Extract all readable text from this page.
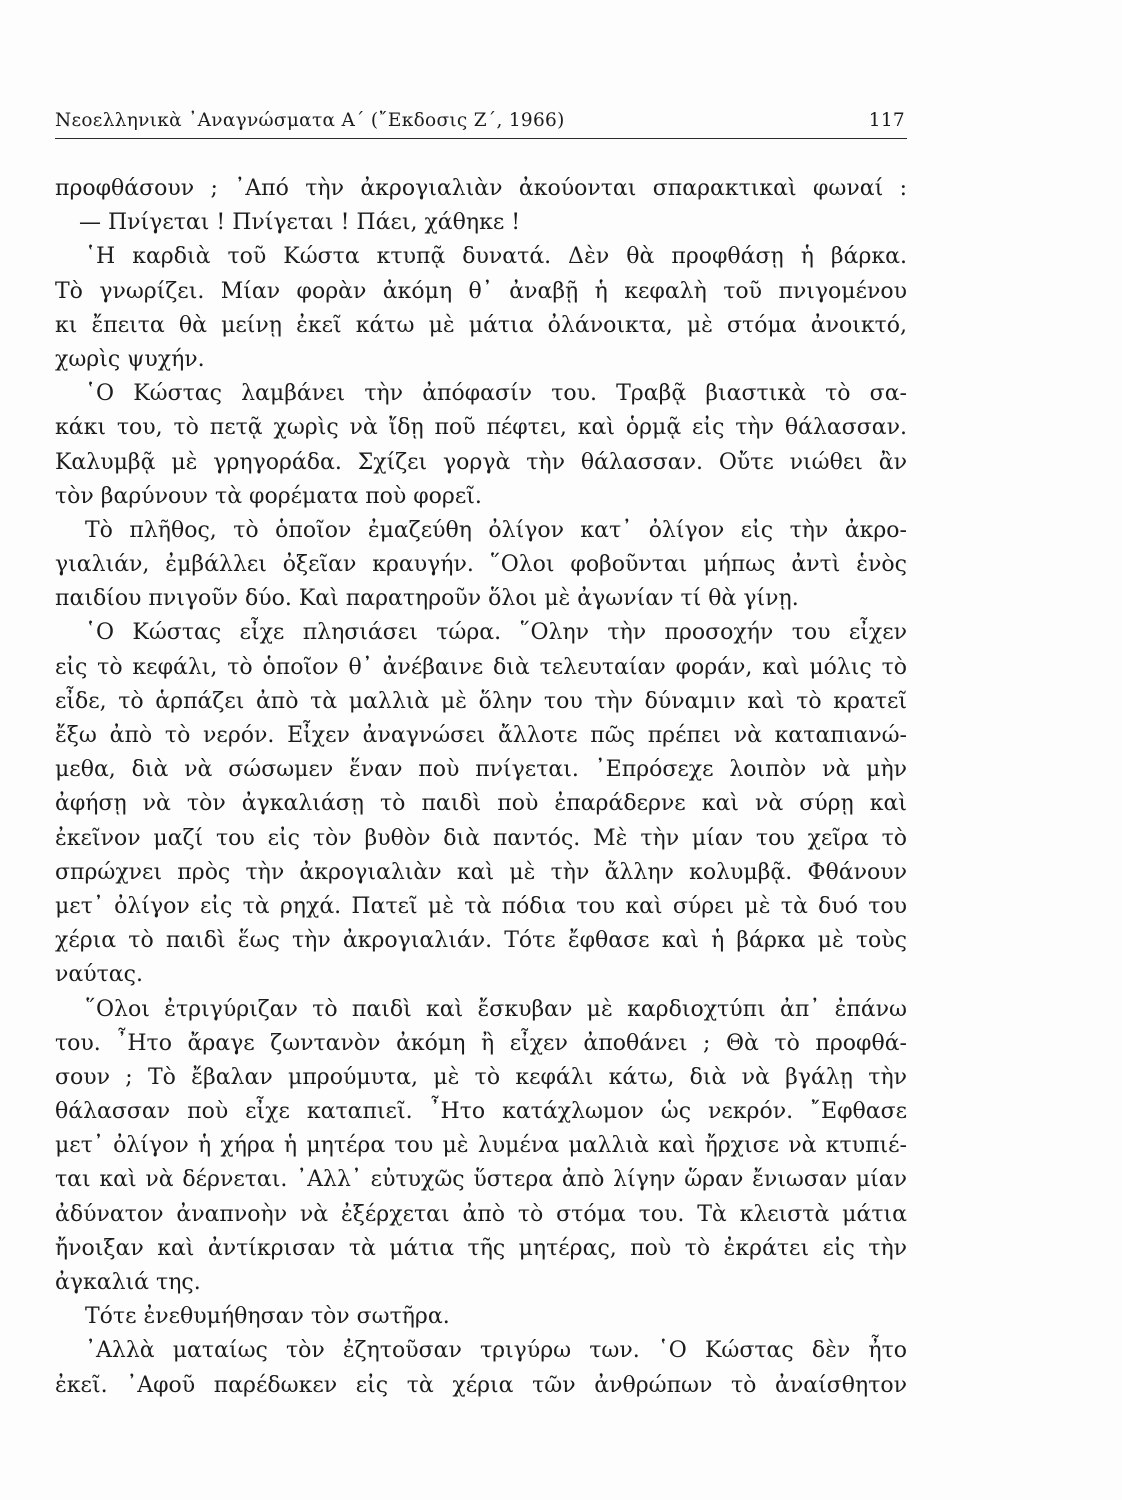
Νεοελληνικὰ ᾽Αναγνώσματα Α΄ (῎Εκδοσις Ζ΄, 1966)	117
προφθάσουν ; ᾽Από τὴν ἀκρογιαλιὰν ἀκούονται σπαρακτικαὶ φωναί :
— Πνίγεται ! Πνίγεται ! Πάει, χάθηκε !
῾Η καρδιὰ τοῦ Κώστα κτυπᾷ δυνατά. Δὲν θὰ προφθάσῃ ἡ βάρκα.
Τὸ γνωρίζει. Μίαν φορὰν ἀκόμη θ᾽ ἀναβῇ ἡ κεφαλὴ τοῦ πνιγομένου
κι ἔπειτα θὰ μείνῃ ἐκεῖ κάτω μὲ μάτια ὀλάνοικτα, μὲ στόμα ἀνοικτό,
χωρὶς ψυχήν.
῾Ο Κώστας λαμβάνει τὴν ἀπόφασίν του. Τραβᾷ βιαστικὰ τὸ σα-
κάκι του, τὸ πετᾷ χωρὶς νὰ ἴδῃ ποῦ πέφτει, καὶ ὁρμᾷ εἰς τὴν θάλασσαν.
Καλυμβᾷ μὲ γρηγοράδα. Σχίζει γοργὰ τὴν θάλασσαν. Οὔτε νιώθει ἂν
τὸν βαρύνουν τὰ φορέματα ποὺ φορεῖ.
Τὸ πλῆθος, τὸ ὁποῖον ἐμαζεύθη ὀλίγον κατ᾽ ὀλίγον εἰς τὴν ἀκρο-
γιαλιάν, ἐμβάλλει ὀξεῖαν κραυγήν. ῞Ολοι φοβοῦνται μήπως ἀντὶ ἑνὸς
παιδίου πνιγοῦν δύο. Καὶ παρατηροῦν ὅλοι μὲ ἀγωνίαν τί θὰ γίνῃ.
῾Ο Κώστας εἶχε πλησιάσει τώρα. ῞Ολην τὴν προσοχήν του εἶχεν
εἰς τὸ κεφάλι, τὸ ὁποῖον θ᾽ ἀνέβαινε διὰ τελευταίαν φοράν, καὶ μόλις τὸ
εἶδε, τὸ ἁρπάζει ἀπὸ τὰ μαλλιὰ μὲ ὅλην του τὴν δύναμιν καὶ τὸ κρατεῖ
ἔξω ἀπὸ τὸ νερόν. Εἶχεν ἀναγνώσει ἄλλοτε πῶς πρέπει νὰ καταπιανώ-
μεθα, διὰ νὰ σώσωμεν ἕναν ποὺ πνίγεται. ᾽Επρόσεχε λοιπὸν νὰ μὴν
ἀφήσῃ νὰ τὸν ἀγκαλιάσῃ τὸ παιδὶ ποὺ ἐπαράδερνε καὶ νὰ σύρῃ καὶ
ἐκεῖνον μαζί του εἰς τὸν βυθὸν διὰ παντός. Μὲ τὴν μίαν του χεῖρα τὸ
σπρώχνει πρὸς τὴν ἀκρογιαλιὰν καὶ μὲ τὴν ἄλλην κολυμβᾷ. Φθάνουν
μετ᾽ ὀλίγον εἰς τὰ ρηχά. Πατεῖ μὲ τὰ πόδια του καὶ σύρει μὲ τὰ δυό του
χέρια τὸ παιδὶ ἕως τὴν ἀκρογιαλιάν. Τότε ἔφθασε καὶ ἡ βάρκα μὲ τοὺς
ναύτας.
῞Ολοι ἐτριγύριζαν τὸ παιδὶ καὶ ἔσκυβαν μὲ καρδιοχτύπι ἀπ᾽ ἐπάνω
του. ῏Ητο ἄραγε ζωντανὸν ἀκόμη ἢ εἶχεν ἀποθάνει ; Θὰ τὸ προφθά-
σουν ; Τὸ ἔβαλαν μπρούμυτα, μὲ τὸ κεφάλι κάτω, διὰ νὰ βγάλῃ τὴν
θάλασσαν ποὺ εἶχε καταπιεῖ. ῏Ητο κατάχλωμον ὡς νεκρόν. ῎Εφθασε
μετ᾽ ὀλίγον ἡ χήρα ἡ μητέρα του μὲ λυμένα μαλλιὰ καὶ ἤρχισε νὰ κτυπιέ-
ται καὶ νὰ δέρνεται. ᾽Αλλ᾽ εὐτυχῶς ὕστερα ἀπὸ λίγην ὥραν ἔνιωσαν μίαν
ἀδύνατον ἀναπνοὴν νὰ ἐξέρχεται ἀπὸ τὸ στόμα του. Τὰ κλειστὰ μάτια
ἤνοιξαν καὶ ἀντίκρισαν τὰ μάτια τῆς μητέρας, ποὺ τὸ ἐκράτει εἰς τὴν
ἀγκαλιά της.
Τότε ἐνεθυμήθησαν τὸν σωτῆρα.
᾽Αλλὰ ματαίως τὸν ἐζητοῦσαν τριγύρω των. ῾Ο Κώστας δὲν ἦτο
ἐκεῖ. ᾽Αφοῦ παρέδωκεν εἰς τὰ χέρια τῶν ἀνθρώπων τὸ ἀναίσθητον
